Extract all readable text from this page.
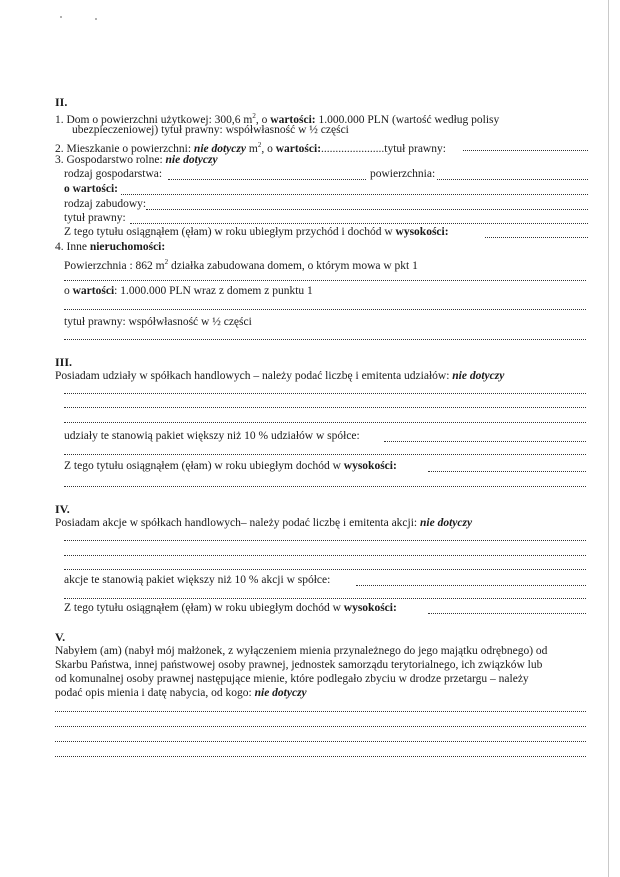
II.
1. Dom o powierzchni użytkowej: 300,6 $m^2$, o wartości: 1.000.000 PLN (wartość według polisy
ubezpieczeniowej) tytuł prawny: współwłasność w ½ części
2. Mieszkanie o powierzchni: nie dotyczy $m^2$, o wartości:......................tytuł prawny:
3. Gospodarstwo rolne: nie dotyczy
rodzaj gospodarstwa:	powierzchnia:
o wartości:
rodzaj zabudowy:
tytuł prawny:
Z tego tytułu osiągnąłem (ęłam) w roku ubiegłym przychód i dochód w wysokości:
4. Inne nieruchomości:
Powierzchnia : 862 $m^2$ działka zabudowana domem, o którym mowa w pkt 1
o wartości: 1.000.000 PLN wraz z domem z punktu 1
tytuł prawny: współwłasność w ½ części
III.
Posiadam udziały w spółkach handlowych – należy podać liczbę i emitenta udziałów: nie dotyczy
udziały te stanowią pakiet większy niż 10 % udziałów w spółce:
Z tego tytułu osiągnąłem (ęłam) w roku ubiegłym dochód w wysokości:
IV.
Posiadam akcje w spółkach handlowych– należy podać liczbę i emitenta akcji: nie dotyczy
akcje te stanowią pakiet większy niż 10 % akcji w spółce:
Z tego tytułu osiągnąłem (ęłam) w roku ubiegłym dochód w wysokości:
V.
Nabyłem (am) (nabył mój małżonek, z wyłączeniem mienia przynależnego do jego majątku odrębnego) od
Skarbu Państwa, innej państwowej osoby prawnej, jednostek samorządu terytorialnego, ich związków lub
od komunalnej osoby prawnej następujące mienie, które podlegało zbyciu w drodze przetargu – należy
podać opis mienia i datę nabycia, od kogo: nie dotyczy
